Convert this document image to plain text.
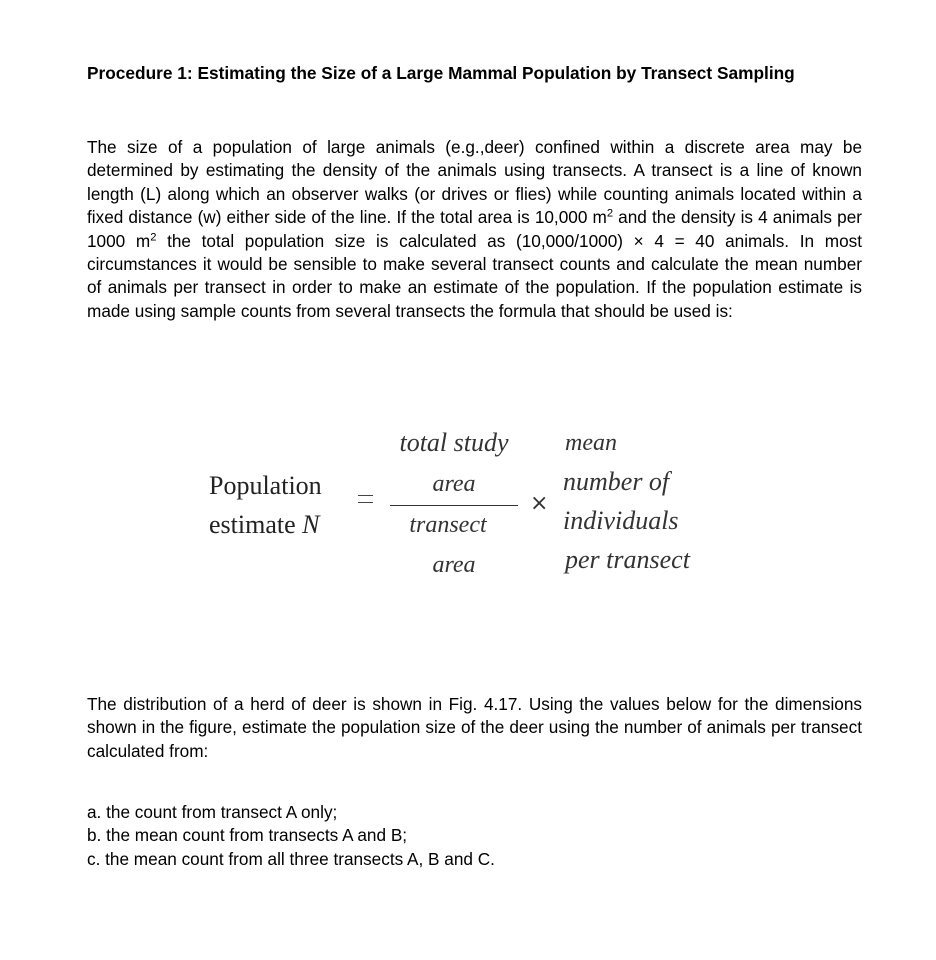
Procedure 1: Estimating the Size of a Large Mammal Population by Transect Sampling

The size of a population of large animals (e.g.,deer) confined within a discrete area may be determined by estimating the density of the animals using transects. A transect is a line of known length (L) along which an observer walks (or drives or flies) while counting animals located within a fixed distance (w) either side of the line. If the total area is 10,000 $m^2$ and the density is 4 animals per 1000 $m^2$ the total population size is calculated as (10,000/1000) × 4 = 40 animals. In most circumstances it would be sensible to make several transect counts and calculate the mean number of animals per transect in order to make an estimate of the population. If the population estimate is made using sample counts from several transects the formula that should be used is:

Population
estimate N
total study
area
transect
area
×
mean
number of
individuals
per transect

The distribution of a herd of deer is shown in Fig. 4.17. Using the values below for the dimensions shown in the figure, estimate the population size of the deer using the number of animals per transect calculated from:

a. the count from transect A only;
b. the mean count from transects A and B;
c. the mean count from all three transects A, B and C.
